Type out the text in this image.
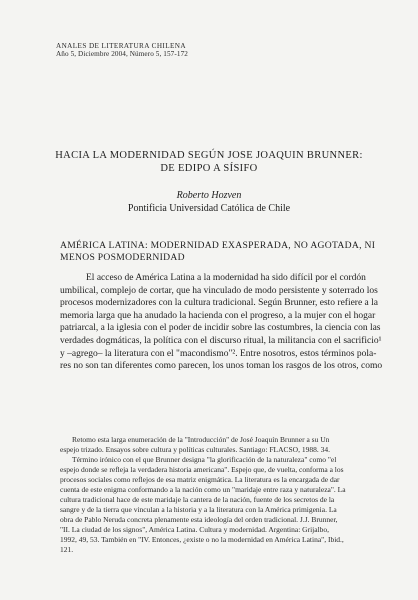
ANALES DE LITERATURA CHILENA
Año 5, Diciembre 2004, Número 5, 157-172
HACIA LA MODERNIDAD SEGÚN JOSE JOAQUIN BRUNNER:
DE EDIPO A SÍSIFO
Roberto Hozven
Pontificia Universidad Católica de Chile
AMÉRICA LATINA: MODERNIDAD EXASPERADA, NO AGOTADA, NI
MENOS POSMODERNIDAD
El acceso de América Latina a la modernidad ha sido difícil por el cordón
umbilical, complejo de cortar, que ha vinculado de modo persistente y soterrado los
procesos modernizadores con la cultura tradicional. Según Brunner, esto refiere a la
memoria larga que ha anudado la hacienda con el progreso, a la mujer con el hogar
patriarcal, a la iglesia con el poder de incidir sobre las costumbres, la ciencia con las
verdades dogmáticas, la política con el discurso ritual, la militancia con el sacrificio¹
y –agrego– la literatura con el "macondismo"². Entre nosotros, estos términos pola-
res no son tan diferentes como parecen, los unos toman los rasgos de los otros, como
Retomo esta larga enumeración de la "Introducción" de José Joaquín Brunner a su Un
espejo trizado. Ensayos sobre cultura y políticas culturales. Santiago: FLACSO, 1988. 34.
Término irónico con el que Brunner designa "la glorificación de la naturaleza" como "el
espejo donde se refleja la verdadera historia americana". Espejo que, de vuelta, conforma a los
procesos sociales como reflejos de esa matriz enigmática. La literatura es la encargada de dar
cuenta de este enigma conformando a la nación como un "maridaje entre raza y naturaleza". La
cultura tradicional hace de este maridaje la cantera de la nación, fuente de los secretos de la
sangre y de la tierra que vinculan a la historia y a la literatura con la América primigenia. La
obra de Pablo Neruda concreta plenamente esta ideología del orden tradicional. J.J. Brunner,
"II. La ciudad de los signos", América Latina. Cultura y modernidad. Argentina: Grijalbo,
1992, 49, 53. También en "IV. Entonces, ¿existe o no la modernidad en América Latina", Ibid.,
121.
